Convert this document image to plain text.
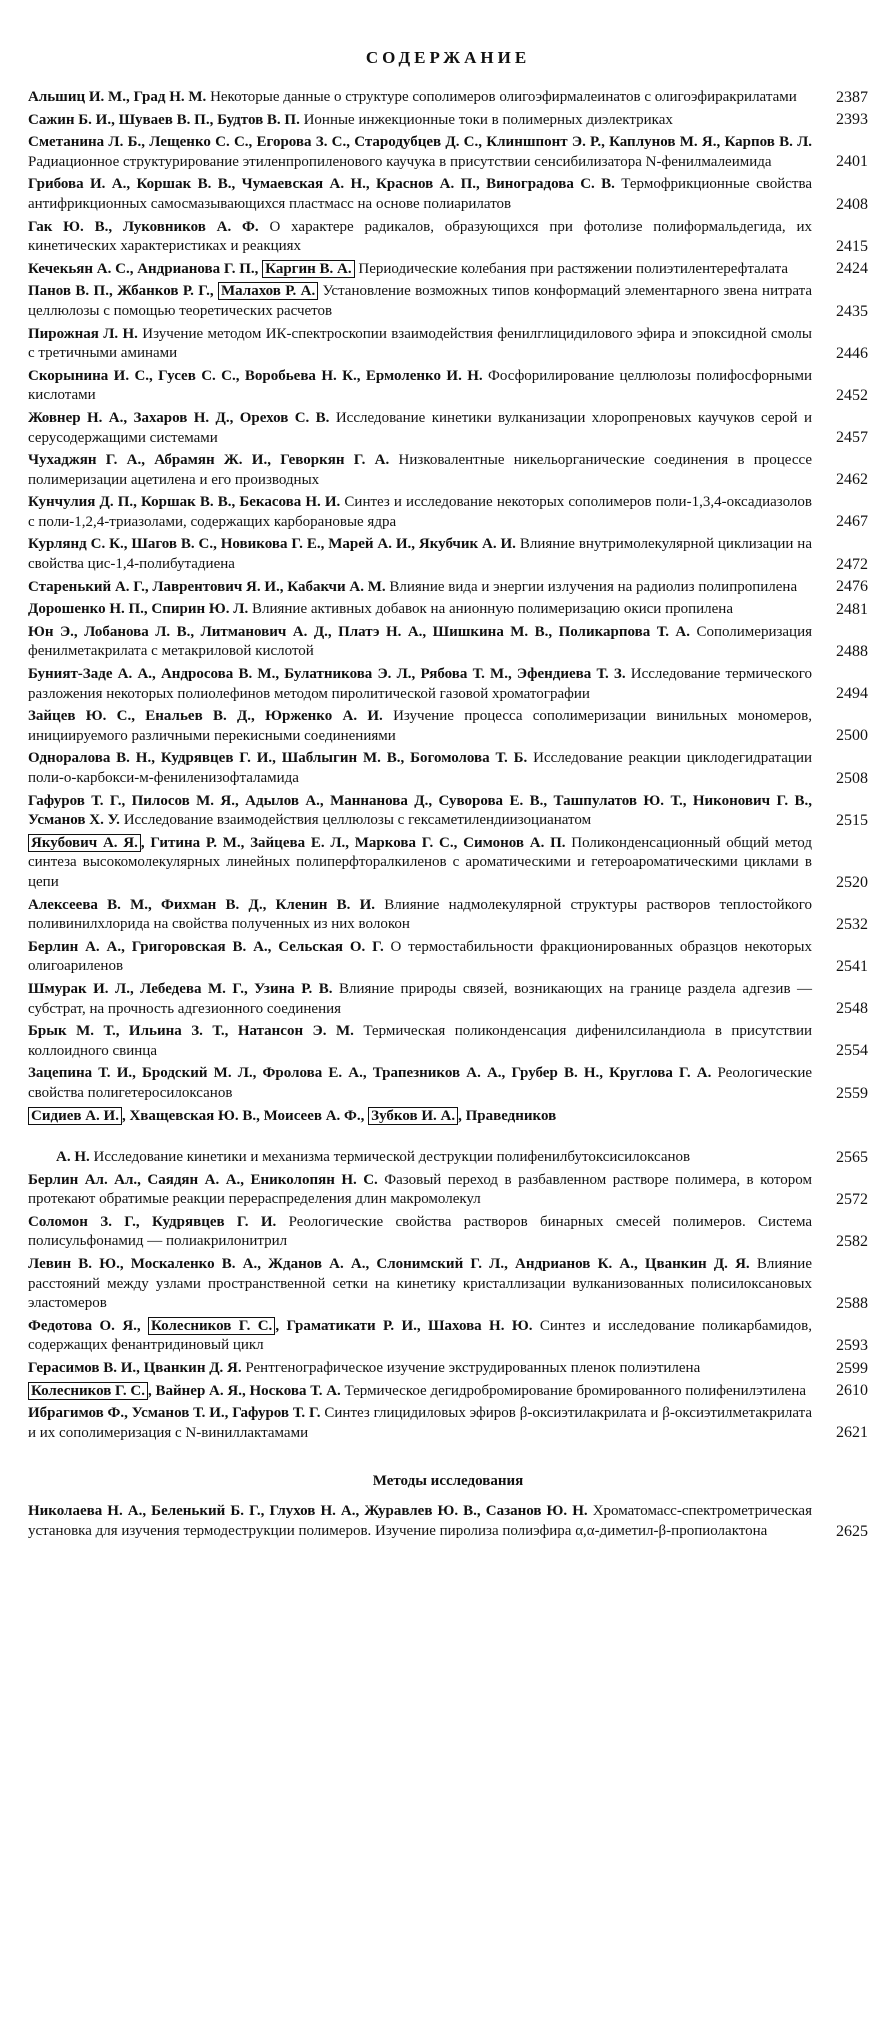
СОДЕРЖАНИЕ
Альшиц И. М., Град Н. М. Некоторые данные о структуре сополимеров олигоэфирмалеинатов с олигоэфиракрилатами	2387
Сажин Б. И., Шуваев В. П., Будтов В. П. Ионные инжекционные токи в полимерных диэлектриках	2393
Сметанина Л. Б., Лещенко С. С., Егорова З. С., Стародубцев Д. С., Клиншпонт Э. Р., Каплунов М. Я., Карпов В. Л. Радиационное структурирование этиленпропиленового каучука в присутствии сенсибилизатора N-фенилмалеимида	2401
Грибова И. А., Коршак В. В., Чумаевская А. Н., Краснов А. П., Виноградова С. В. Термофрикционные свойства антифрикционных самосмазывающихся пластмасс на основе полиарилатов	2408
Гак Ю. В., Луковников А. Ф. О характере радикалов, образующихся при фотолизе полиформальдегида, их кинетических характеристиках и реакциях	2415
Кечекьян А. С., Андрианова Г. П., Каргин В. А. Периодические колебания при растяжении полиэтилентерефталата	2424
Панов В. П., Жбанков Р. Г., Малахов Р. А. Установление возможных типов конформаций элементарного звена нитрата целлюлозы с помощью теоретических расчетов	2435
Пирожная Л. Н. Изучение методом ИК-спектроскопии взаимодействия фенилглицидилового эфира и эпоксидной смолы с третичными аминами	2446
Скорынина И. С., Гусев С. С., Воробьева Н. К., Ермоленко И. Н. Фосфорилирование целлюлозы полифосфорными кислотами	2452
Жовнер Н. А., Захаров Н. Д., Орехов С. В. Исследование кинетики вулканизации хлоропреновых каучуков серой и серусодержащими системами	2457
Чухаджян Г. А., Абрамян Ж. И., Геворкян Г. А. Низковалентные никельорганические соединения в процессе полимеризации ацетилена и его производных	2462
Кунчулия Д. П., Коршак В. В., Бекасова Н. И. Синтез и исследование некоторых сополимеров поли-1,3,4-оксадиазолов с поли-1,2,4-триазолами, содержащих карборановые ядра	2467
Курлянд С. К., Шагов В. С., Новикова Г. Е., Марей А. И., Якубчик А. И. Влияние внутримолекулярной циклизации на свойства цис-1,4-полибутадиена	2472
Старенький А. Г., Лаврентович Я. И., Кабакчи А. М. Влияние вида и энергии излучения на радиолиз полипропилена	2476
Дорошенко Н. П., Спирин Ю. Л. Влияние активных добавок на анионную полимеризацию окиси пропилена	2481
Юн Э., Лобанова Л. В., Литманович А. Д., Платэ Н. А., Шишкина М. В., Поликарпова Т. А. Сополимеризация фенилметакрилата с метакриловой кислотой	2488
Буният-Заде А. А., Андросова В. М., Булатникова Э. Л., Рябова Т. М., Эфендиева Т. З. Исследование термического разложения некоторых полиолефинов методом пиролитической газовой хроматографии	2494
Зайцев Ю. С., Енальев В. Д., Юрженко А. И. Изучение процесса сополимеризации винильных мономеров, инициируемого различными перекисными соединениями	2500
Одноралова В. Н., Кудрявцев Г. И., Шаблыгин М. В., Богомолова Т. Б. Исследование реакции циклодегидратации поли-о-карбокси-м-фениленизофталамида	2508
Гафуров Т. Г., Пилосов М. Я., Адылов А., Маннанова Д., Суворова Е. В., Ташпулатов Ю. Т., Никонович Г. В., Усманов Х. У. Исследование взаимодействия целлюлозы с гексаметилендиизоцианатом	2515
Якубович А. Я. , Гитина Р. М., Зайцева Е. Л., Маркова Г. С., Симонов А. П. Поликонденсационный общий метод синтеза высокомолекулярных линейных полиперфторалкиленов с ароматическими и гетероароматическими циклами в цепи	2520
Алексеева В. М., Фихман В. Д., Кленин В. И. Влияние надмолекулярной структуры растворов теплостойкого поливинилхлорида на свойства полученных из них волокон	2532
Берлин А. А., Григоровская В. А., Сельская О. Г. О термостабильности фракционированных образцов некоторых олигоариленов	2541
Шмурак И. Л., Лебедева М. Г., Узина Р. В. Влияние природы связей, возникающих на границе раздела адгезив — субстрат, на прочность адгезионного соединения	2548
Брык М. Т., Ильина З. Т., Натансон Э. М. Термическая поликонденсация дифенилсиландиола в присутствии коллоидного свинца	2554
Зацепина Т. И., Бродский М. Л., Фролова Е. А., Трапезников А. А., Грубер В. Н., Круглова Г. А. Реологические свойства полигетеросилоксанов	2559
Сидиев А. И. , Хващевская Ю. В., Моисеев А. Ф., Зубков И. А. , Праведников
А. Н. Исследование кинетики и механизма термической деструкции полифенилбутоксисилоксанов	2565
Берлин Ал. Ал., Саядян А. А., Ениколопян Н. С. Фазовый переход в разбавленном растворе полимера, в котором протекают обратимые реакции перераспределения длин макромолекул	2572
Соломон З. Г., Кудрявцев Г. И. Реологические свойства растворов бинарных смесей полимеров. Система полисульфонамид — полиакрилонитрил	2582
Левин В. Ю., Москаленко В. А., Жданов А. А., Слонимский Г. Л., Андрианов К. А., Цванкин Д. Я. Влияние расстояний между узлами пространственной сетки на кинетику кристаллизации вулканизованных полисилоксановых эластомеров	2588
Федотова О. Я., Колесников Г. С. , Граматикати Р. И., Шахова Н. Ю. Синтез и исследование поликарбамидов, содержащих фенантридиновый цикл	2593
Герасимов В. И., Цванкин Д. Я. Рентгенографическое изучение экструдированных пленок полиэтилена	2599
Колесников Г. С. , Вайнер А. Я., Носкова Т. А. Термическое дегидробромирование бромированного полифенилэтилена	2610
Ибрагимов Ф., Усманов Т. И., Гафуров Т. Г. Синтез глицидиловых эфиров β-оксиэтилакрилата и β-оксиэтилметакрилата и их сополимеризация с N-виниллактамами	2621
Методы исследования
Николаева Н. А., Беленький Б. Г., Глухов Н. А., Журавлев Ю. В., Сазанов Ю. Н. Хроматомасс-спектрометрическая установка для изучения термодеструкции полимеров. Изучение пиролиза полиэфира α,α-диметил-β-пропиолактона	2625
